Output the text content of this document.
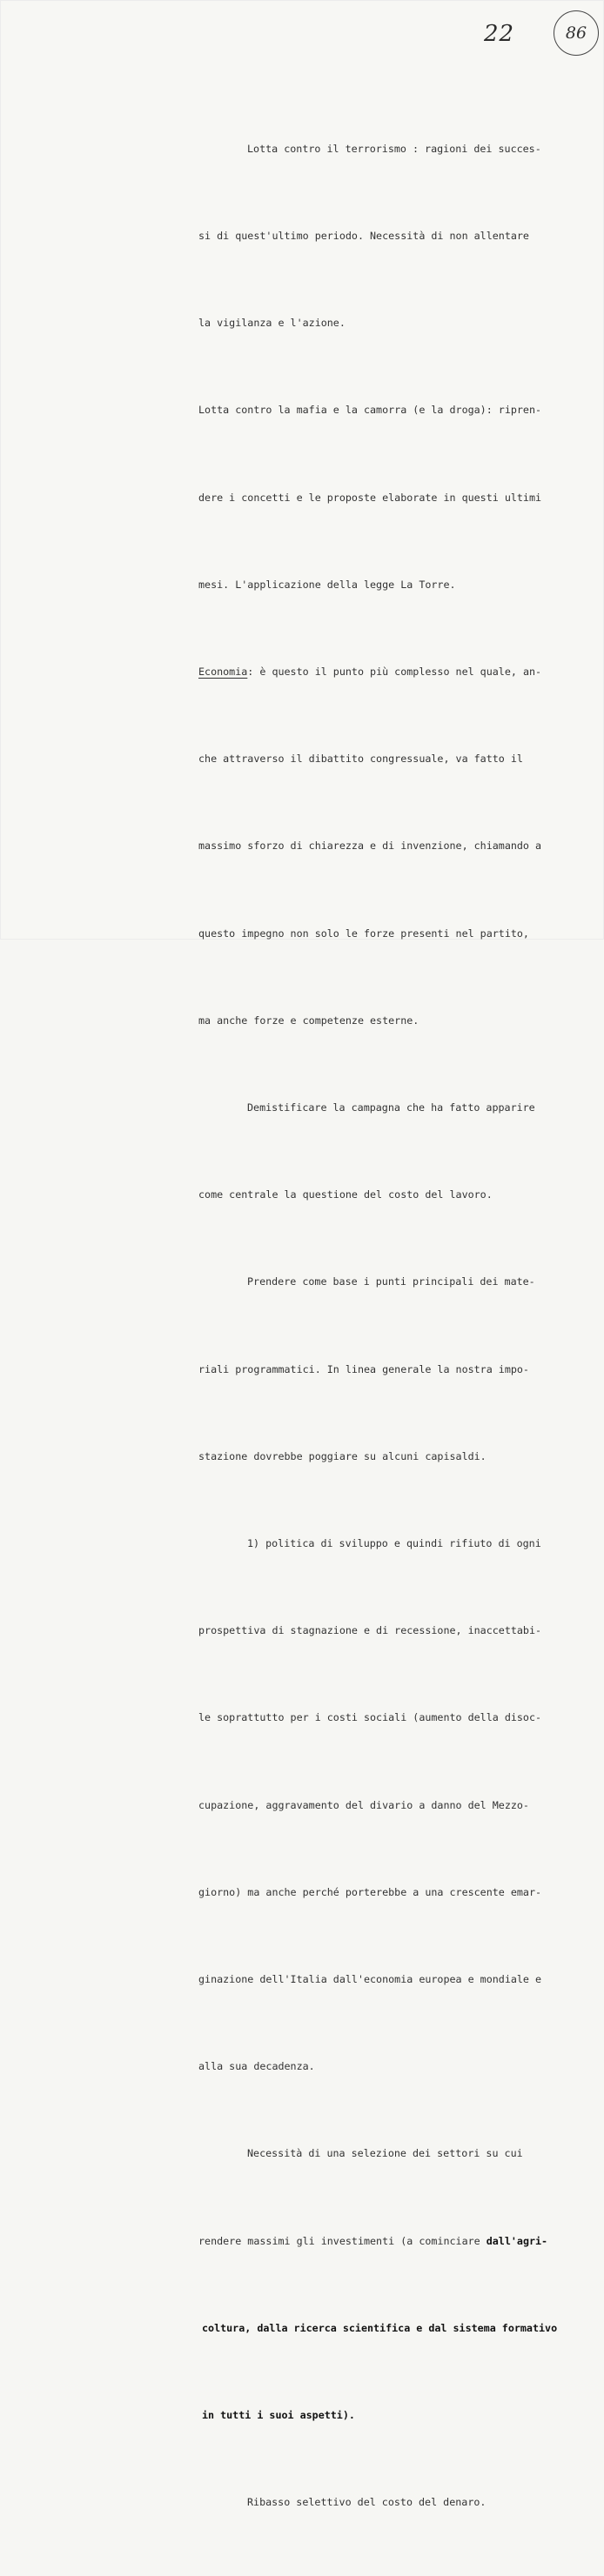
22	86

Lotta contro il terrorismo : ragioni dei succes-

si di quest'ultimo periodo. Necessità di non allentare

la vigilanza e l'azione.

Lotta contro la mafia e la camorra (e la droga): ripren-

dere i concetti e le proposte elaborate in questi ultimi

mesi. L'applicazione della legge La Torre.

Economia: è questo il punto più complesso nel quale, an-

che attraverso il dibattito congressuale, va fatto il

massimo sforzo di chiarezza e di invenzione, chiamando a

questo impegno non solo le forze presenti nel partito,

ma anche forze e competenze esterne.

Demistificare la campagna che ha fatto apparire

come centrale la questione del costo del lavoro.

Prendere come base i punti principali dei mate-

riali programmatici. In linea generale la nostra impo-

stazione dovrebbe poggiare su alcuni capisaldi.

1) politica di sviluppo e quindi rifiuto di ogni

prospettiva di stagnazione e di recessione, inaccettabi-

le soprattutto per i costi sociali (aumento della disoc-

cupazione, aggravamento del divario a danno del Mezzo-

giorno) ma anche perché porterebbe a una crescente emar-

ginazione dell'Italia dall'economia europea e mondiale e

alla sua decadenza.

Necessità di una selezione dei settori su cui

rendere massimi gli investimenti (a cominciare dall'agri-

coltura, dalla ricerca scientifica e dal sistema formativo

in tutti i suoi aspetti).

Ribasso selettivo del costo del denaro.
